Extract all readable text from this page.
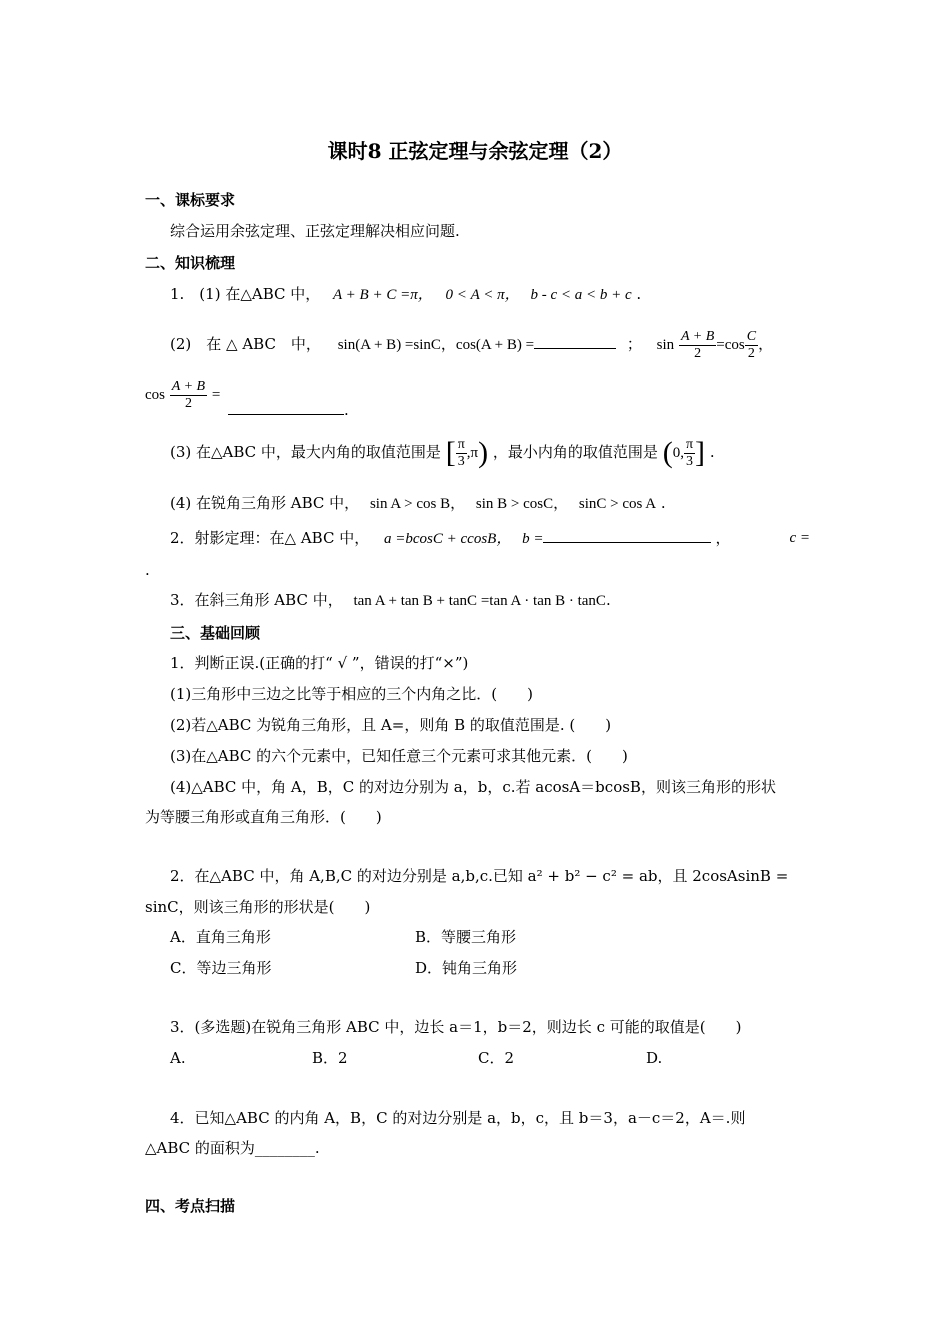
课时8 正弦定理与余弦定理（2）
一、课标要求
综合运用余弦定理、正弦定理解决相应问题.
二、知识梳理
1.　(1) 在△ABC 中， A + B + C =π， 0 < A < π， b - c < a < b + c .
(2)　在 △ ABC　中， sin(A + B) =sinC，cos(A + B) =	； $\sin \frac{A + B}{2} =\cos \frac{C}{2}$ ，
$\cos \frac{A + B}{2}$ =
.
(3) 在△ABC 中，最大内角的取值范围是 [ $\frac{\pi}{3} ,\pi$) ，最小内角的取值范围是 (0, $\frac{\pi}{3}$ ] .
(4) 在锐角三角形 ABC 中， sin A > cos B， sin B > cosC， sinC > cos A .
2．射影定理：在△ ABC 中， a =bcosC + ccosB， b =	，	c =
.
3．在斜三角形 ABC 中， tan A + tan B + tanC =tan A · tan B · tanC.
三、基础回顾
1．判断正误.(正确的打“ √ ”，错误的打“×”)
(1)三角形中三边之比等于相应的三个内角之比．(　　)
(2)若△ABC 为锐角三角形，且 A=，则角 B 的取值范围是. (　　)
(3)在△ABC 的六个元素中，已知任意三个元素可求其他元素．(　　)
(4)△ABC 中，角 A，B，C 的对边分别为 a，b，c.若 acosA＝bcosB，则该三角形的形状
为等腰三角形或直角三角形．(　　)
2．在△ABC 中，角 A,B,C 的对边分别是 a,b,c.已知 a² + b² − c² = ab，且 2cosAsinB =
sinC，则该三角形的形状是(　　)
A．直角三角形	B．等腰三角形
C．等边三角形	D．钝角三角形
3．(多选题)在锐角三角形 ABC 中，边长 a＝1，b＝2，则边长 c 可能的取值是(　　)
A.	B．2	C．2	D.
4．已知△ABC 的内角 A，B，C 的对边分别是 a，b，c，且 b＝3，a－c＝2，A＝.则
△ABC 的面积为________.
四、考点扫描
